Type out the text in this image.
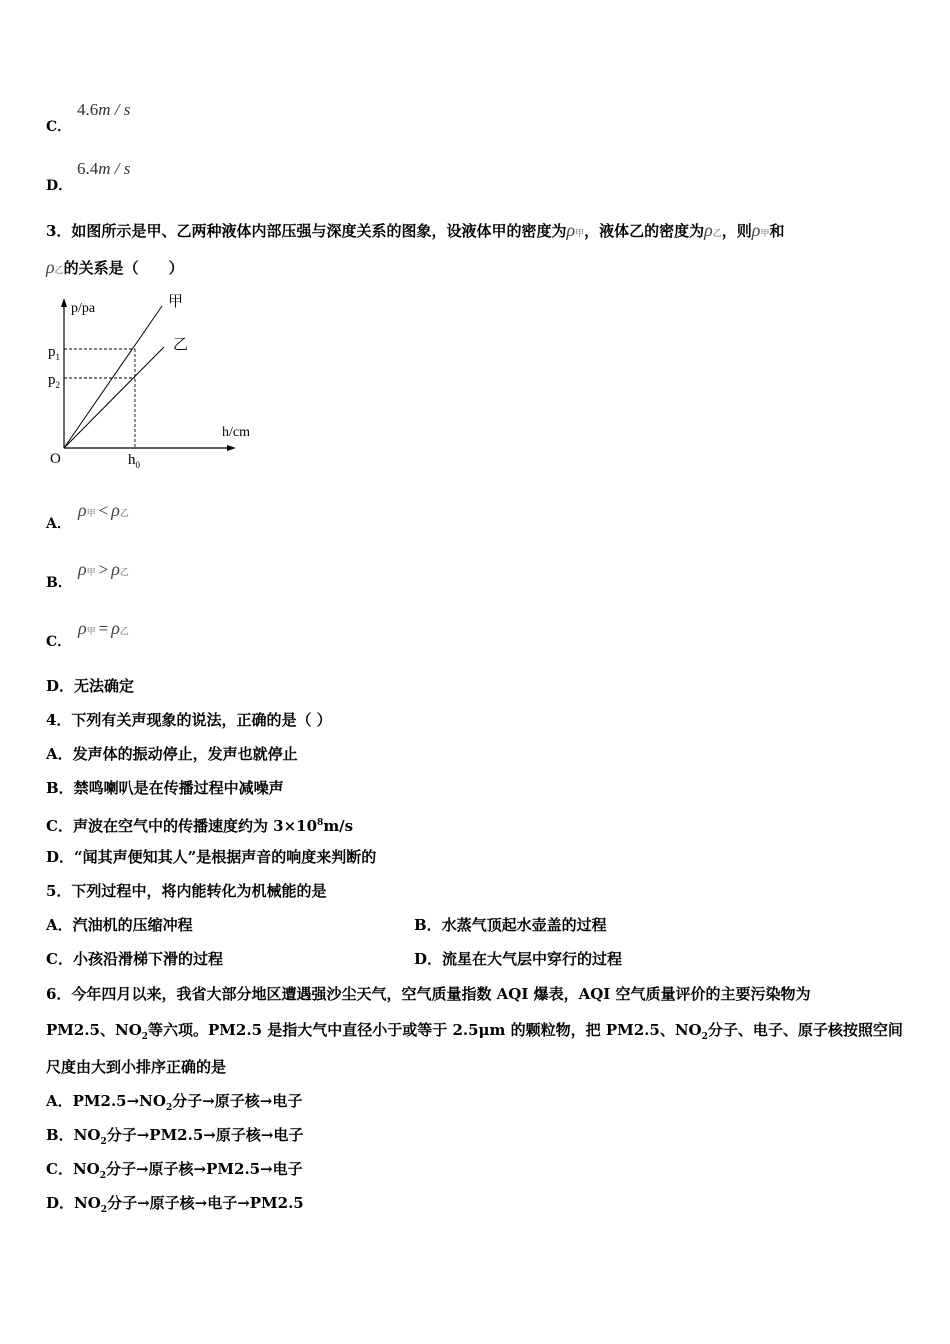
C．
4.6m / s
D．
6.4m / s
3．如图所示是甲、乙两种液体内部压强与深度关系的图象，设液体甲的密度为ρ甲，液体乙的密度为ρ乙，则ρ甲和
ρ乙的关系是（　　）
p/pa
h/cm
O
$p_1$
$p_2$
$h_0$
甲
乙
A．
ρ甲 < ρ乙
B．
ρ甲 > ρ乙
C．
ρ甲 = ρ乙
D．无法确定
4．下列有关声现象的说法，正确的是（ ）
A．发声体的振动停止，发声也就停止
B．禁鸣喇叭是在传播过程中减噪声
C．声波在空气中的传播速度约为 $3\times 10^8m/s$
D．“闻其声便知其人”是根据声音的响度来判断的
5．下列过程中，将内能转化为机械能的是
A．汽油机的压缩冲程	B．水蒸气顶起水壶盖的过程
C．小孩沿滑梯下滑的过程	D．流星在大气层中穿行的过程
6．今年四月以来，我省大部分地区遭遇强沙尘天气，空气质量指数 AQI 爆表，AQI 空气质量评价的主要污染物为
PM2.5、$NO_2$等六项。PM2.5 是指大气中直径小于或等于 2.5μm 的颗粒物，把 PM2.5、$NO_2$分子、电子、原子核按照空间
尺度由大到小排序正确的是
A．$PM2.5\to NO_2$分子→原子核→电子
B．$NO_2$分子→PM2.5→原子核→电子
C．$NO_2$分子→原子核→PM2.5→电子
D．$NO_2$分子→原子核→电子→PM2.5
